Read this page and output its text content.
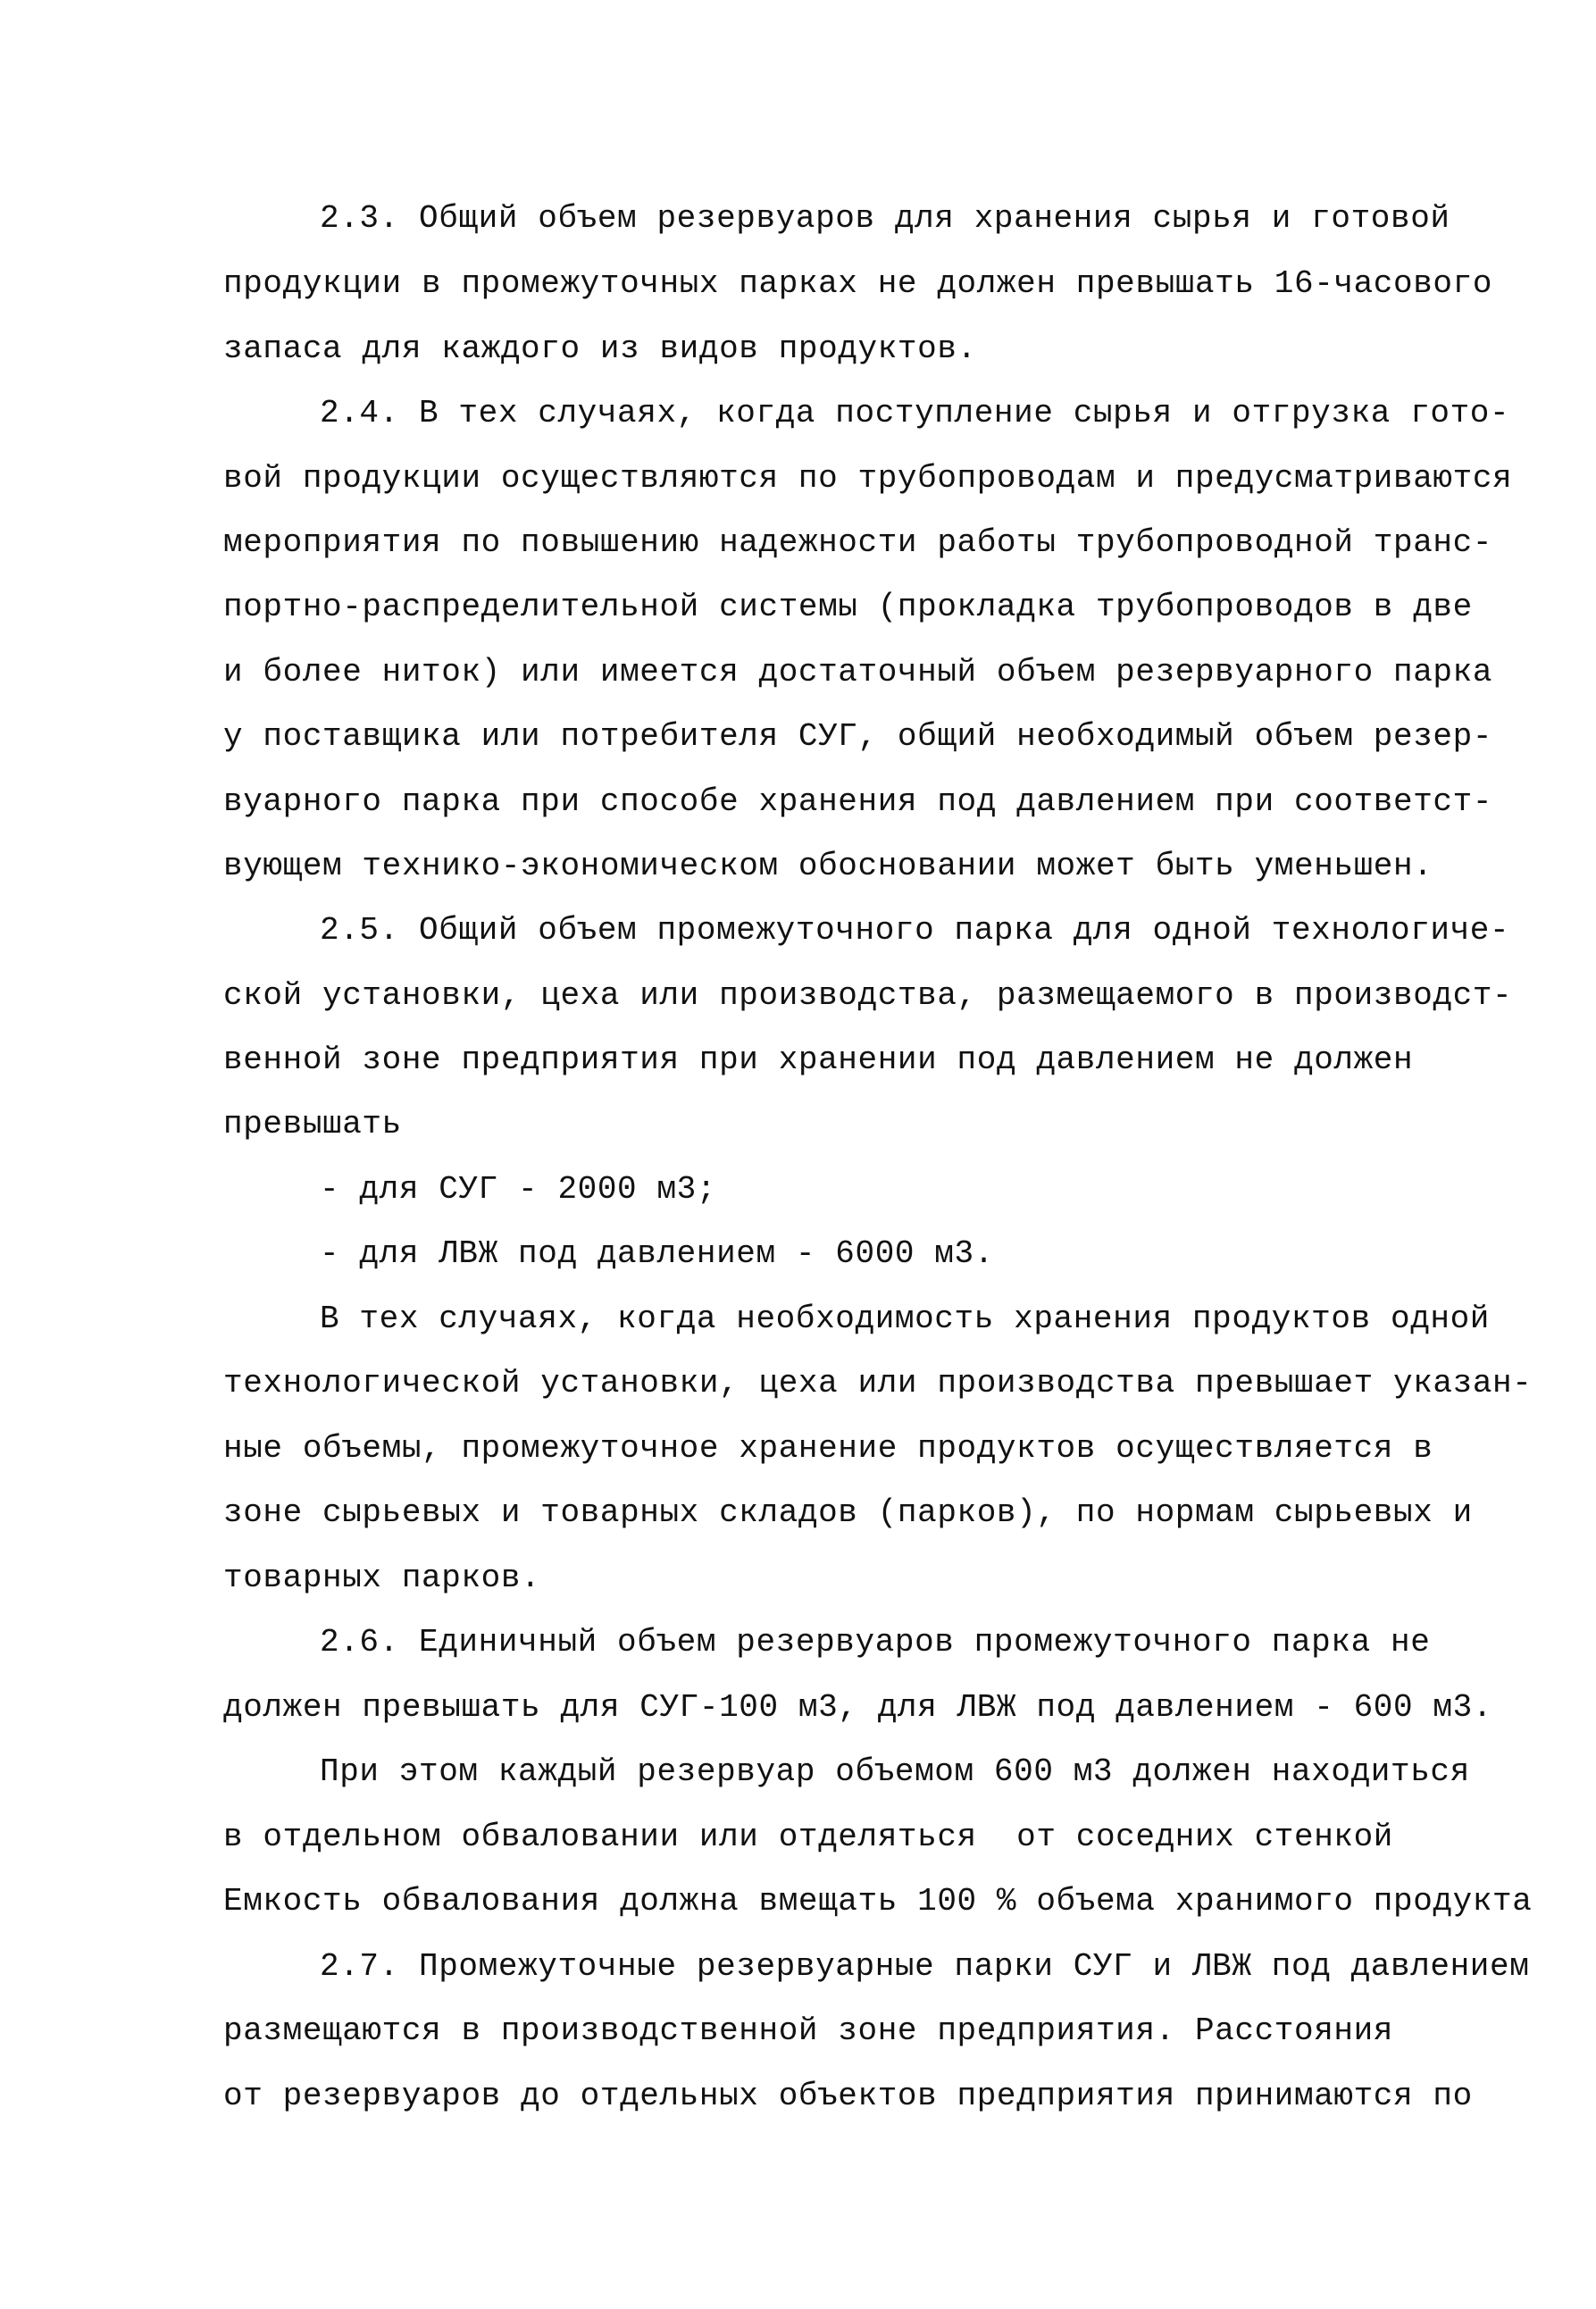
2.3. Общий объем резервуаров для хранения сырья и готовой
продукции в промежуточных парках не должен превышать 16-часового
запаса для каждого из видов продуктов.
2.4. В тех случаях, когда поступление сырья и отгрузка гото-
вой продукции осуществляются по трубопроводам и предусматриваются
мероприятия по повышению надежности работы трубопроводной транс-
портно-распределительной системы (прокладка трубопроводов в две
и более ниток) или имеется достаточный объем резервуарного парка
у поставщика или потребителя СУГ, общий необходимый объем резер-
вуарного парка при способе хранения под давлением при соответст-
вующем технико-экономическом обосновании может быть уменьшен.
2.5. Общий объем промежуточного парка для одной технологиче-
ской установки, цеха или производства, размещаемого в производст-
венной зоне предприятия при хранении под давлением не должен
превышать
- для СУГ - 2000 м3;
- для ЛВЖ под давлением - 6000 м3.
В тех случаях, когда необходимость хранения продуктов одной
технологической установки, цеха или производства превышает указан-
ные объемы, промежуточное хранение продуктов осуществляется в
зоне сырьевых и товарных складов (парков), по нормам сырьевых и
товарных парков.
2.6. Единичный объем резервуаров промежуточного парка не
должен превышать для СУГ-100 м3, для ЛВЖ под давлением - 600 м3.
При этом каждый резервуар объемом 600 м3 должен находиться
в отдельном обваловании или отделяться  от соседних стенкой
Емкость обвалования должна вмещать 100 % объема хранимого продукта
2.7. Промежуточные резервуарные парки СУГ и ЛВЖ под давлением
размещаются в производственной зоне предприятия. Расстояния
от резервуаров до отдельных объектов предприятия принимаются по
